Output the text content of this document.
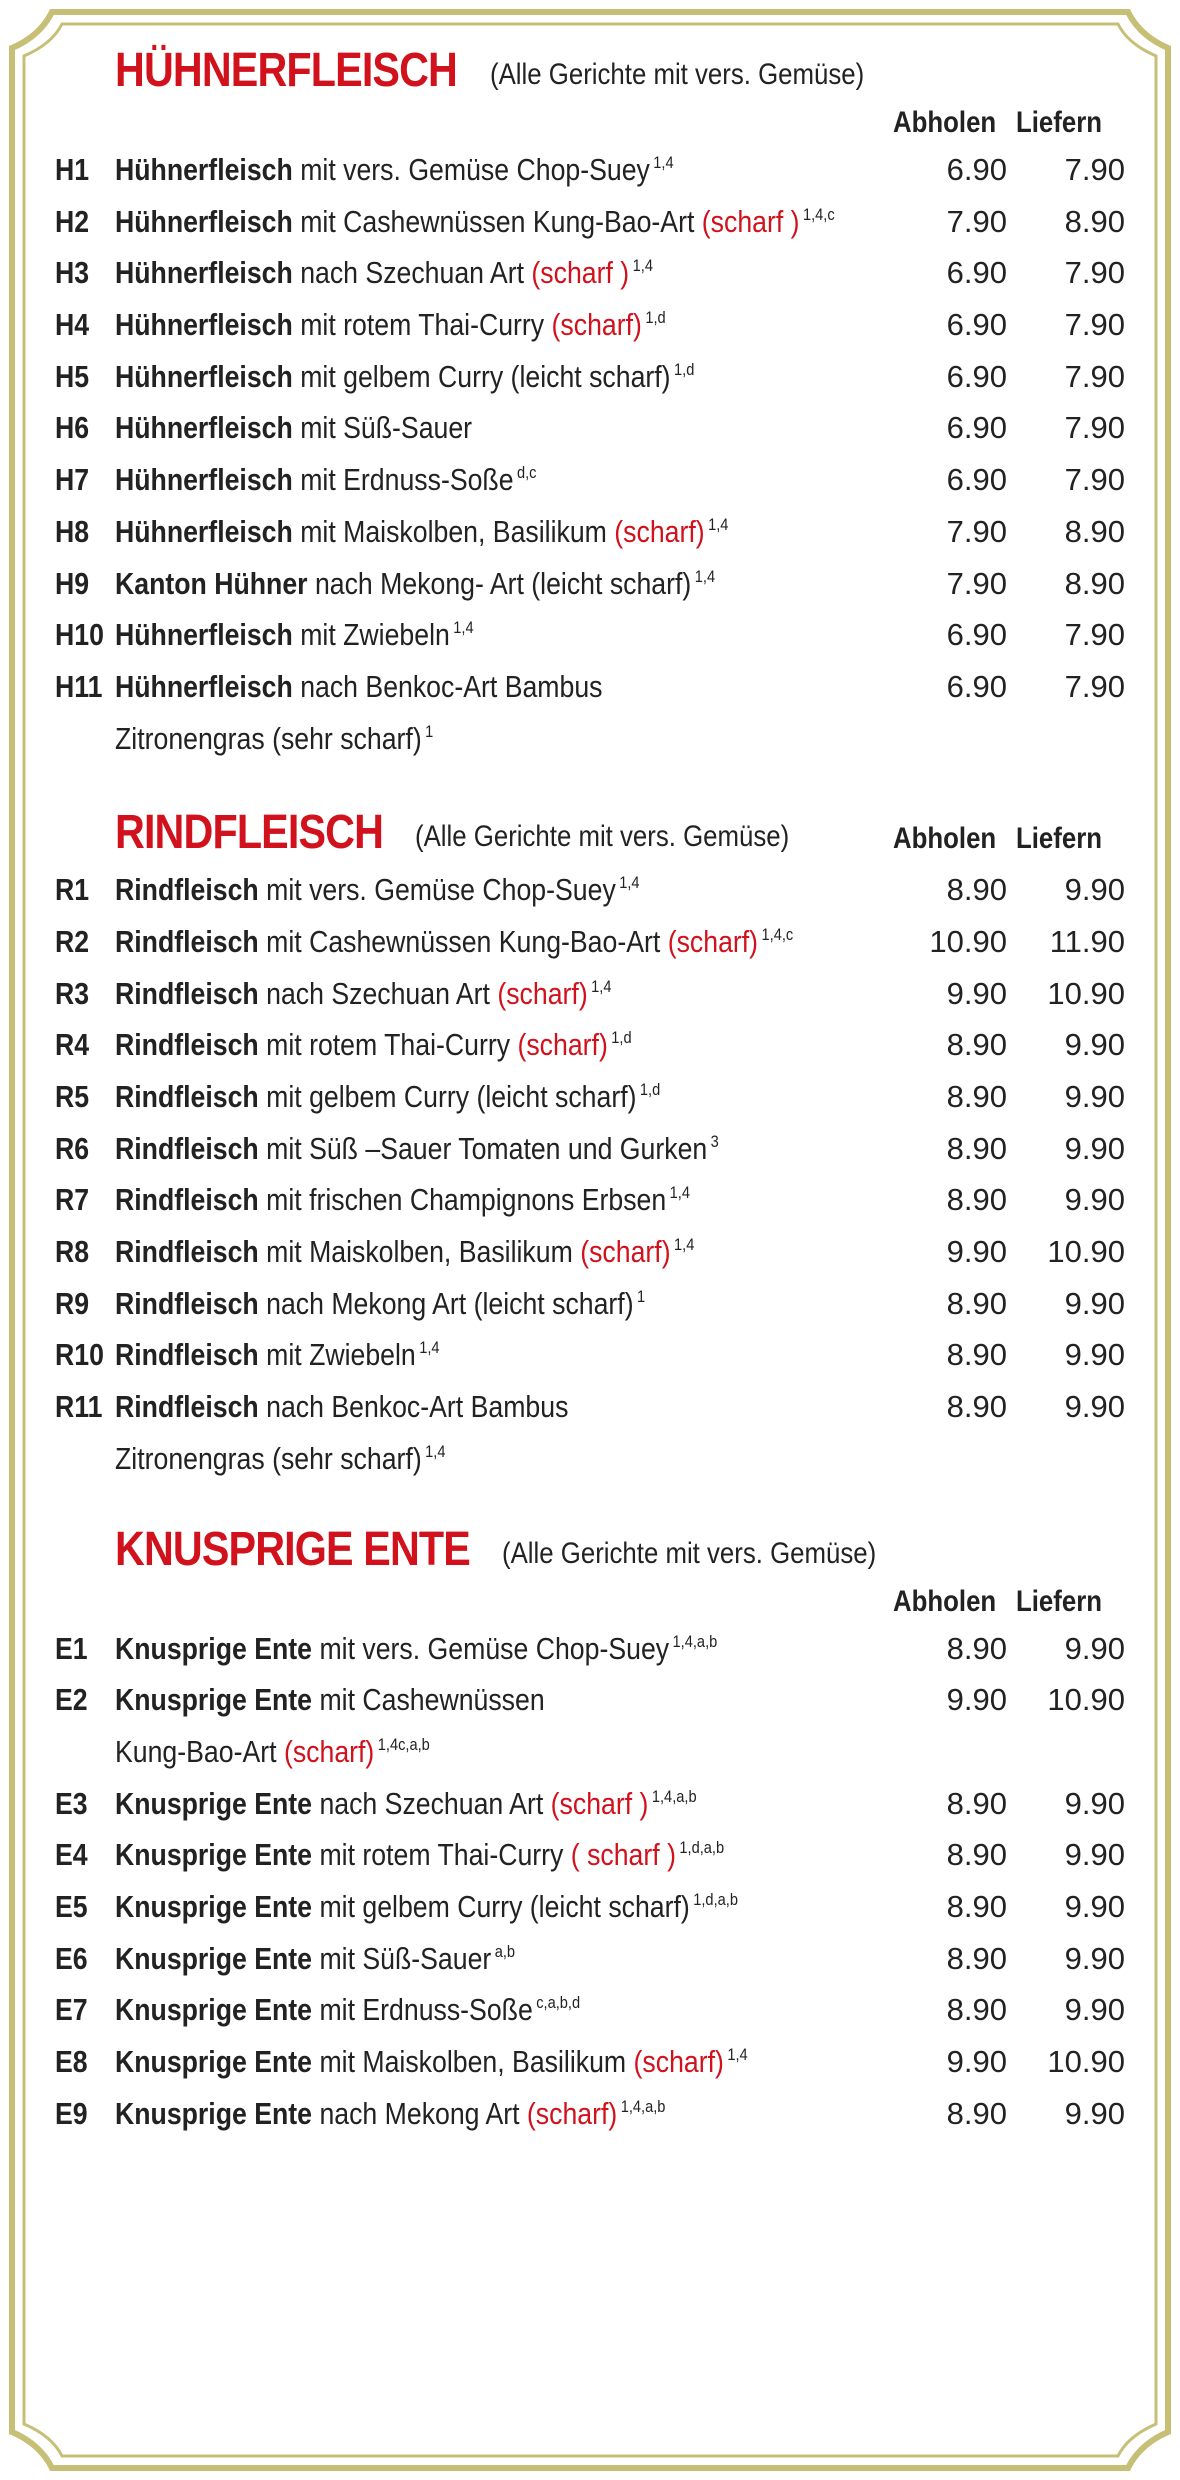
HÜHNERFLEISCH (Alle Gerichte mit vers. Gemüse)
Abholen Liefern
H1 Hühnerfleisch mit vers. Gemüse Chop-Suey $^{1,4}$	6.90 7.90
H2 Hühnerfleisch mit Cashewnüssen Kung-Bao-Art (scharf ) $^{1,4,c}$	7.90 8.90
H3 Hühnerfleisch nach Szechuan Art (scharf ) $^{1,4}$	6.90 7.90
H4 Hühnerfleisch mit rotem Thai-Curry (scharf) $^{1,d}$	6.90 7.90
H5 Hühnerfleisch mit gelbem Curry (leicht scharf) $^{1,d}$	6.90 7.90
H6 Hühnerfleisch mit Süß-Sauer	6.90 7.90
H7 Hühnerfleisch mit Erdnuss-Soße $^{d,c}$	6.90 7.90
H8 Hühnerfleisch mit Maiskolben, Basilikum (scharf) $^{1,4}$	7.90 8.90
H9 Kanton Hühner nach Mekong- Art (leicht scharf) $^{1,4}$	7.90 8.90
H10 Hühnerfleisch mit Zwiebeln $^{1,4}$	6.90 7.90
H11 Hühnerfleisch nach Benkoc-Art Bambus	6.90 7.90
Zitronengras (sehr scharf) $^1$
RINDFLEISCH (Alle Gerichte mit vers. Gemüse)	Abholen Liefern
R1 Rindfleisch mit vers. Gemüse Chop-Suey $^{1,4}$	8.90 9.90
R2 Rindfleisch mit Cashewnüssen Kung-Bao-Art (scharf) $^{1,4,c}$	10.90 11.90
R3 Rindfleisch nach Szechuan Art (scharf) $^{1,4}$	9.90 10.90
R4 Rindfleisch mit rotem Thai-Curry (scharf) $^{1,d}$	8.90 9.90
R5 Rindfleisch mit gelbem Curry (leicht scharf) $^{1,d}$	8.90 9.90
R6 Rindfleisch mit Süß –Sauer Tomaten und Gurken $^3$	8.90 9.90
R7 Rindfleisch mit frischen Champignons Erbsen $^{1,4}$	8.90 9.90
R8 Rindfleisch mit Maiskolben, Basilikum (scharf) $^{1,4}$	9.90 10.90
R9 Rindfleisch nach Mekong Art (leicht scharf) $^1$	8.90 9.90
R10 Rindfleisch mit Zwiebeln $^{1,4}$	8.90 9.90
R11 Rindfleisch nach Benkoc-Art Bambus	8.90 9.90
Zitronengras (sehr scharf) $^{1,4}$
KNUSPRIGE ENTE (Alle Gerichte mit vers. Gemüse)
Abholen Liefern
E1 Knusprige Ente mit vers. Gemüse Chop-Suey $^{1,4,a,b}$	8.90 9.90
E2 Knusprige Ente mit Cashewnüssen	9.90 10.90
Kung-Bao-Art (scharf) $^{1,4c,a,b}$
E3 Knusprige Ente nach Szechuan Art (scharf ) $^{1,4,a,b}$	8.90 9.90
E4 Knusprige Ente mit rotem Thai-Curry ( scharf ) $^{1,d,a,b}$	8.90 9.90
E5 Knusprige Ente mit gelbem Curry (leicht scharf) $^{1,d,a,b}$	8.90 9.90
E6 Knusprige Ente mit Süß-Sauer $^{a,b}$	8.90 9.90
E7 Knusprige Ente mit Erdnuss-Soße $^{c,a,b,d}$	8.90 9.90
E8 Knusprige Ente mit Maiskolben, Basilikum (scharf) $^{1,4}$	9.90 10.90
E9 Knusprige Ente nach Mekong Art (scharf) $^{1,4,a,b}$	8.90 9.90
